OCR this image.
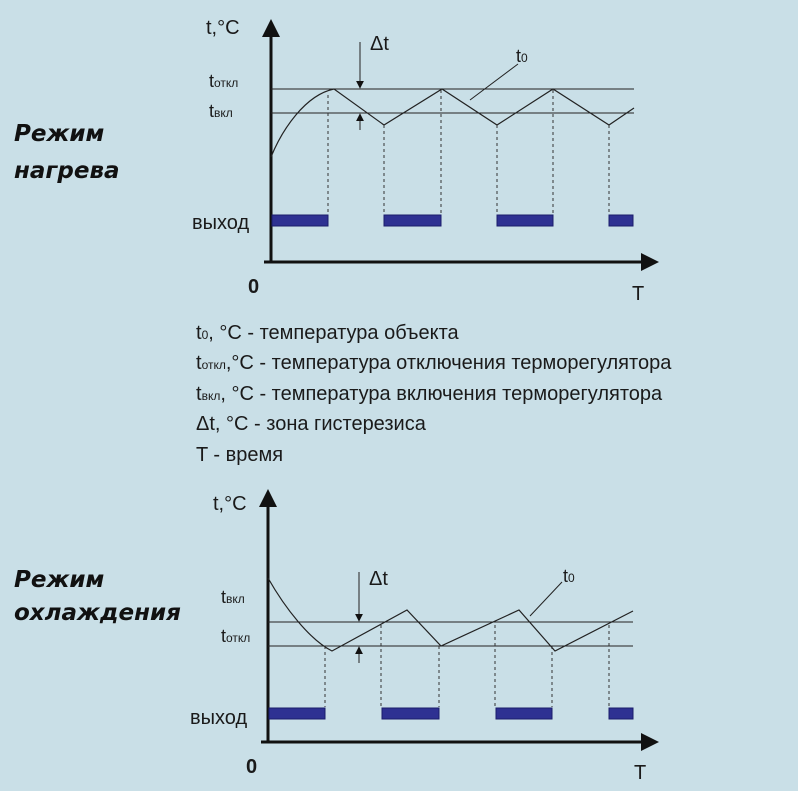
Режим
нагрева
t,°C
T
0
tоткл
tвкл
Δt
t0
выход
t0, °C - температура объекта
tоткл,°C - температура отключения терморегулятора
tвкл, °C - температура включения терморегулятора
Δt, °C - зона гистерезиса
T - время
Режим
охлаждения
t,°C
T
0
tвкл
tоткл
Δt	t0
выход
